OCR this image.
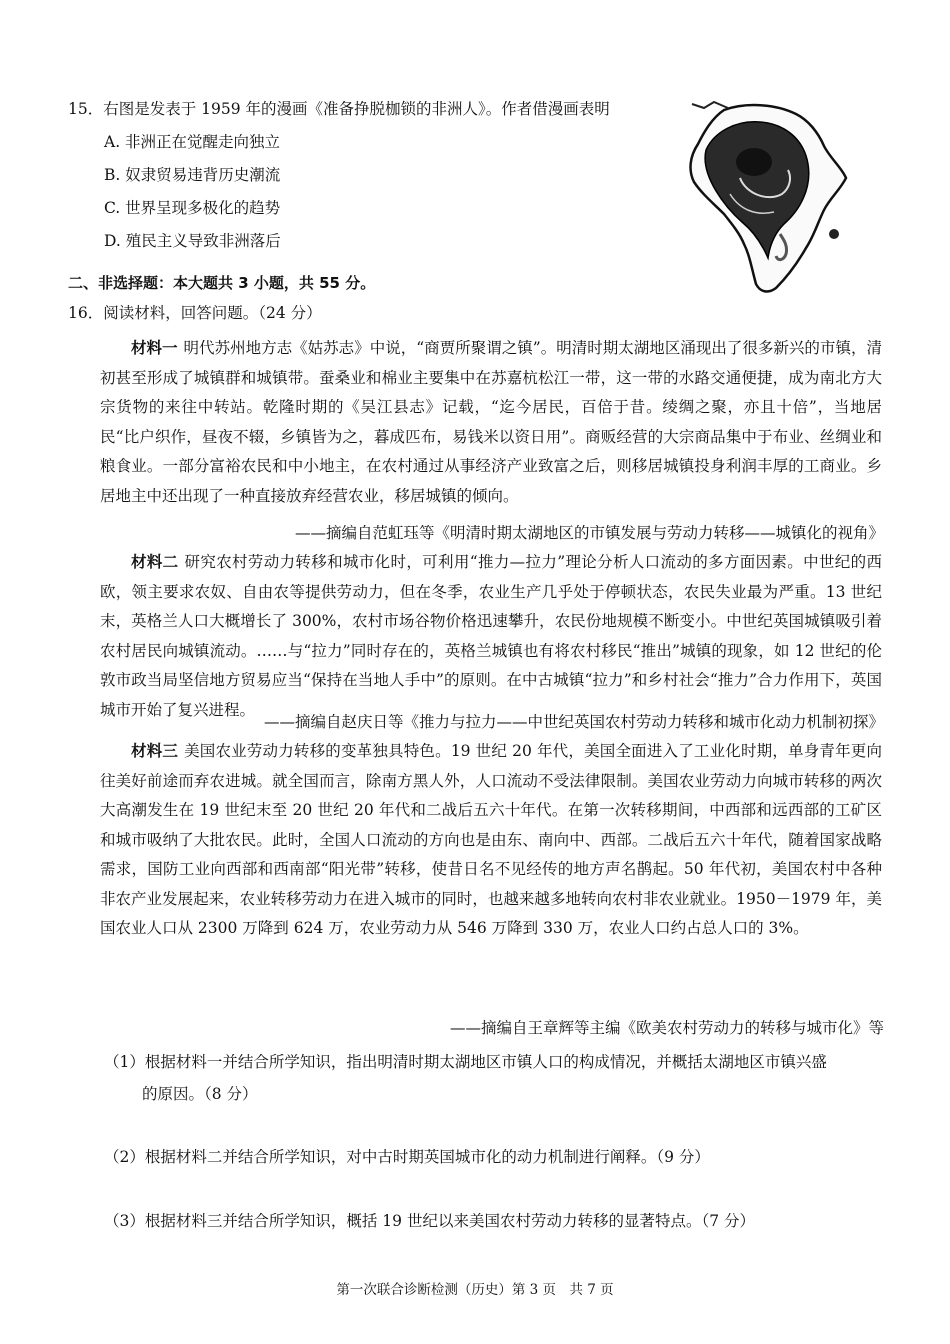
15．右图是发表于 1959 年的漫画《准备挣脱枷锁的非洲人》。作者借漫画表明
A. 非洲正在觉醒走向独立
B. 奴隶贸易违背历史潮流
C. 世界呈现多极化的趋势
D. 殖民主义导致非洲落后
二、非选择题：本大题共 3 小题，共 55 分。
16．阅读材料，回答问题。（24 分）
材料一 明代苏州地方志《姑苏志》中说，“商贾所聚谓之镇”。明清时期太湖地区涌现出了很多新兴的市镇，清初甚至形成了城镇群和城镇带。蚕桑业和棉业主要集中在苏嘉杭松江一带，这一带的水路交通便捷，成为南北方大宗货物的来往中转站。乾隆时期的《吴江县志》记载，“迄今居民，百倍于昔。绫绸之聚，亦且十倍”，当地居民“比户织作，昼夜不辍，乡镇皆为之，暮成匹布，易钱米以资日用”。商贩经营的大宗商品集中于布业、丝绸业和粮食业。一部分富裕农民和中小地主，在农村通过从事经济产业致富之后，则移居城镇投身利润丰厚的工商业。乡居地主中还出现了一种直接放弃经营农业，移居城镇的倾向。
——摘编自范虹珏等《明清时期太湖地区的市镇发展与劳动力转移——城镇化的视角》
材料二 研究农村劳动力转移和城市化时，可利用“推力—拉力”理论分析人口流动的多方面因素。中世纪的西欧，领主要求农奴、自由农等提供劳动力，但在冬季，农业生产几乎处于停顿状态，农民失业最为严重。13 世纪末，英格兰人口大概增长了 300%，农村市场谷物价格迅速攀升，农民份地规模不断变小。中世纪英国城镇吸引着农村居民向城镇流动。……与“拉力”同时存在的，英格兰城镇也有将农村移民“推出”城镇的现象，如 12 世纪的伦敦市政当局坚信地方贸易应当“保持在当地人手中”的原则。在中古城镇“拉力”和乡村社会“推力”合力作用下，英国城市开始了复兴进程。
——摘编自赵庆日等《推力与拉力——中世纪英国农村劳动力转移和城市化动力机制初探》
材料三 美国农业劳动力转移的变革独具特色。19 世纪 20 年代，美国全面进入了工业化时期，单身青年更向往美好前途而弃农进城。就全国而言，除南方黑人外，人口流动不受法律限制。美国农业劳动力向城市转移的两次大高潮发生在 19 世纪末至 20 世纪 20 年代和二战后五六十年代。在第一次转移期间，中西部和远西部的工矿区和城市吸纳了大批农民。此时，全国人口流动的方向也是由东、南向中、西部。二战后五六十年代，随着国家战略需求，国防工业向西部和西南部“阳光带”转移，使昔日名不见经传的地方声名鹊起。50 年代初，美国农村中各种非农产业发展起来，农业转移劳动力在进入城市的同时，也越来越多地转向农村非农业就业。1950－1979 年，美国农业人口从 2300 万降到 624 万，农业劳动力从 546 万降到 330 万，农业人口约占总人口的 3%。
——摘编自王章辉等主编《欧美农村劳动力的转移与城市化》等
（1）根据材料一并结合所学知识，指出明清时期太湖地区市镇人口的构成情况，并概括太湖地区市镇兴盛
的原因。（8 分）
（2）根据材料二并结合所学知识，对中古时期英国城市化的动力机制进行阐释。（9 分）
（3）根据材料三并结合所学知识，概括 19 世纪以来美国农村劳动力转移的显著特点。（7 分）
第一次联合诊断检测（历史）第 3 页　共 7 页
